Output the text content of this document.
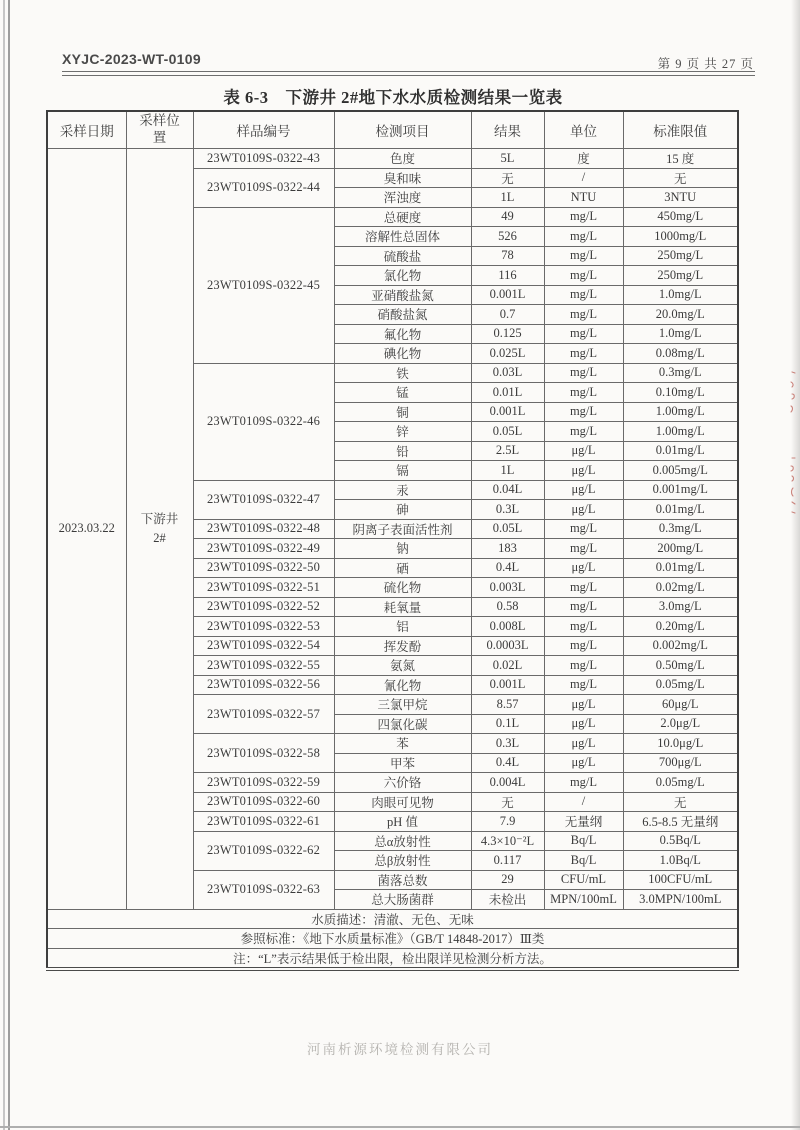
XYJC-2023-WT-0109	第 9 页 共 27 页
表 6-3　下游井 2#地下水水质检测结果一览表
采样日期	采样位置	样品编号	检测项目	结果	单位	标准限值
2023.03.22	下游井 2#	23WT0109S-0322-43	色度	5L	度	15 度
		23WT0109S-0322-44	臭和味	无	/	无
			浑浊度	1L	NTU	3NTU
		23WT0109S-0322-45	总硬度	49	mg/L	450mg/L
			溶解性总固体	526	mg/L	1000mg/L
			硫酸盐	78	mg/L	250mg/L
			氯化物	116	mg/L	250mg/L
			亚硝酸盐氮	0.001L	mg/L	1.0mg/L
			硝酸盐氮	0.7	mg/L	20.0mg/L
			氟化物	0.125	mg/L	1.0mg/L
			碘化物	0.025L	mg/L	0.08mg/L
		23WT0109S-0322-46	铁	0.03L	mg/L	0.3mg/L
			锰	0.01L	mg/L	0.10mg/L
			铜	0.001L	mg/L	1.00mg/L
			锌	0.05L	mg/L	1.00mg/L
			铅	2.5L	μg/L	0.01mg/L
			镉	1L	μg/L	0.005mg/L
		23WT0109S-0322-47	汞	0.04L	μg/L	0.001mg/L
			砷	0.3L	μg/L	0.01mg/L
		23WT0109S-0322-48	阴离子表面活性剂	0.05L	mg/L	0.3mg/L
		23WT0109S-0322-49	钠	183	mg/L	200mg/L
		23WT0109S-0322-50	硒	0.4L	μg/L	0.01mg/L
		23WT0109S-0322-51	硫化物	0.003L	mg/L	0.02mg/L
		23WT0109S-0322-52	耗氧量	0.58	mg/L	3.0mg/L
		23WT0109S-0322-53	铝	0.008L	mg/L	0.20mg/L
		23WT0109S-0322-54	挥发酚	0.0003L	mg/L	0.002mg/L
		23WT0109S-0322-55	氨氮	0.02L	mg/L	0.50mg/L
		23WT0109S-0322-56	氰化物	0.001L	mg/L	0.05mg/L
		23WT0109S-0322-57	三氯甲烷	8.57	μg/L	60μg/L
			四氯化碳	0.1L	μg/L	2.0μg/L
		23WT0109S-0322-58	苯	0.3L	μg/L	10.0μg/L
			甲苯	0.4L	μg/L	700μg/L
		23WT0109S-0322-59	六价铬	0.004L	mg/L	0.05mg/L
		23WT0109S-0322-60	肉眼可见物	无	/	无
		23WT0109S-0322-61	pH 值	7.9	无量纲	6.5-8.5 无量纲
		23WT0109S-0322-62	总α放射性	4.3×10⁻²L	Bq/L	0.5Bq/L
			总β放射性	0.117	Bq/L	1.0Bq/L
		23WT0109S-0322-63	菌落总数	29	CFU/mL	100CFU/mL
			总大肠菌群	未检出	MPN/100mL	3.0MPN/100mL
水质描述：清澈、无色、无味						
参照标准：《地下水质量标准》（GB/T 14848-2017）Ⅲ类						
注：“L”表示结果低于检出限，检出限详见检测分析方法。						
河南析源环境检测有限公司
